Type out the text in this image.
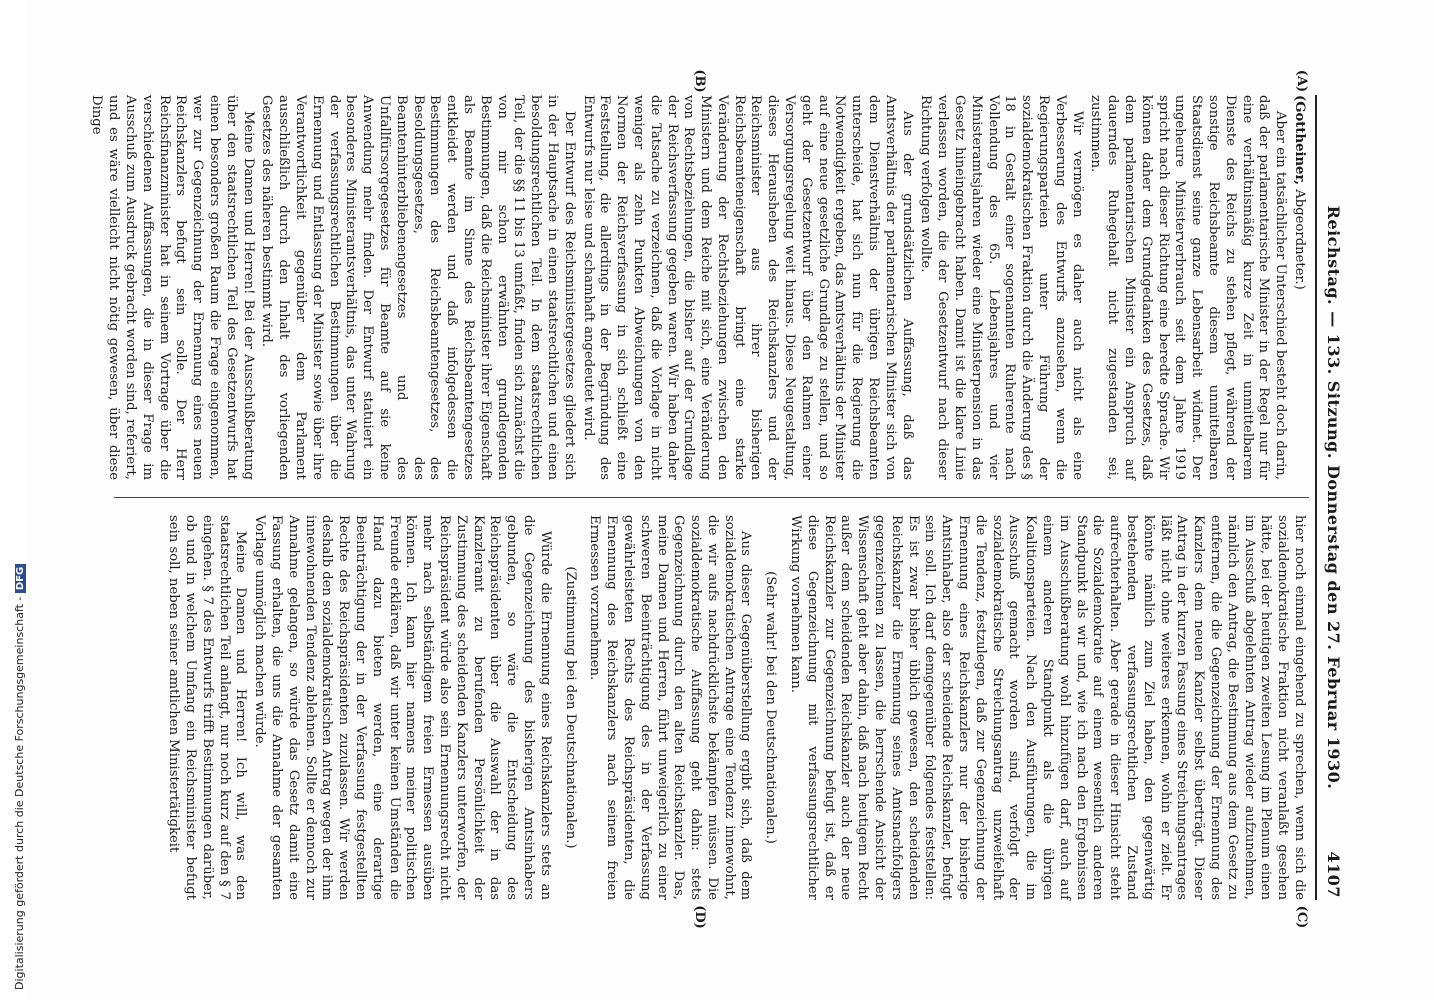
Digitalisierung gefördert durch die Deutsche Forschungsgemeinschaft - DFG	Reichstag. — 133. Sitzung. Donnerstag den 27. Februar 1930.
4107
(A)
(B)
(C)
(D)

(Gottheiner, Abgeordneter.)

Aber ein tatsächlicher Unterschied besteht doch darin, daß der parlamentarische Minister in der Regel nur für eine verhältnismäßig kurze Zeit in unmittelbarem Dienste des Reichs zu stehen pflegt, während der sonstige Reichsbeamte diesem unmittelbaren Staatsdienst seine ganze Lebensarbeit widmet. Der ungeheure Ministerverbrauch seit dem Jahre 1919 spricht nach dieser Richtung eine beredte Sprache. Wir können daher dem Grundgedanken des Gesetzes, daß dem parlamentarischen Minister ein Anspruch auf dauerndes Ruhegehalt nicht zugestanden sei, zustimmen.

Wir vermögen es daher auch nicht als eine Verbesserung des Entwurfs anzusehen, wenn die Regierungsparteien unter Führung der sozialdemokratischen Fraktion durch die Änderung des § 18 in Gestalt einer sogenannten Ruherente nach Vollendung des 65. Lebensjahres und vier Ministeramtsjahren wieder eine Ministerpension in das Gesetz hineingebracht haben. Damit ist die klare Linie verlassen worden, die der Gesetzentwurf nach dieser Richtung verfolgen wollte.

Aus der grundsätzlichen Auffassung, daß das Amtsverhältnis der parlamentarischen Minister sich von dem Dienstverhältnis der übrigen Reichsbeamten unterscheide, hat sich nun für die Regierung die Notwendigkeit ergeben, das Amtsverhältnis der Minister auf eine neue gesetzliche Grundlage zu stellen, und so geht der Gesetzentwurf über den Rahmen einer Versorgungsregelung weit hinaus. Diese Neugestaltung, dieses Herausheben des Reichskanzlers und der Reichsminister aus ihrer bisherigen Reichsbeamteneigenschaft bringt eine starke Veränderung der Rechtsbeziehungen zwischen den Ministern und dem Reiche mit sich, eine Veränderung von Rechtsbeziehungen, die bisher auf der Grundlage der Reichsverfassung gegeben waren. Wir haben daher die Tatsache zu verzeichnen, daß die Vorlage in nicht weniger als zehn Punkten Abweichungen von den Normen der Reichsverfassung in sich schließt eine Feststellung, die allerdings in der Begründung des Entwurfs nur leise und schamhaft angedeutet wird.

Der Entwurf des Reichsministergesetzes gliedert sich in der Hauptsache in einen staatsrechtlichen und einen besoldungsrechtlichen Teil. In dem staatsrechtlichen Teil, der die §§ 11 bis 13 umfaßt, finden sich zunächst die von mir schon erwähnten grundlegenden Bestimmungen, daß die Reichsminister ihrer Eigenschaft als Beamte im Sinne des Reichsbeamtengesetzes entkleidet werden und daß infolgedessen die Bestimmungen des Reichsbeamtengesetzes, des Besoldungsgesetzes, des Beamtenhinterbliebenengesetzes und des Unfallfürsorgegesetzes für Beamte auf sie keine Anwendung mehr finden. Der Entwurf statuiert ein besonderes Ministeramtsverhältnis, das unter Wahrung der verfassungsrechtlichen Bestimmungen über die Ernennung und Entlassung der Minister sowie über ihre Verantwortlichkeit gegenüber dem Parlament ausschließlich durch den Inhalt des vorliegenden Gesetzes des näheren bestimmt wird.

Meine Damen und Herren! Bei der Ausschußberatung über den staatsrechtlichen Teil des Gesetzentwurfs hat einen besonders großen Raum die Frage eingenommen, wer zur Gegenzeichnung der Ernennung eines neuen Reichskanzlers befugt sein solle. Der Herr Reichsfinanzminister hat in seinem Vortrage über die verschiedenen Auffassungen, die in dieser Frage im Ausschuß zum Ausdruck gebracht worden sind, referiert, und es wäre vielleicht nicht nötig gewesen, über diese Dinge

hier noch einmal eingehend zu sprechen, wenn sich die sozialdemokratische Fraktion nicht veranlaßt gesehen hätte, bei der heutigen zweiten Lesung im Plenum einen im Ausschuß abgelehnten Antrag wieder aufzunehmen, nämlich den Antrag, die Bestimmung aus dem Gesetz zu entfernen, die die Gegenzeichnung der Ernennung des Kanzlers dem neuen Kanzler selbst überträgt. Dieser Antrag in der kurzen Fassung eines Streichungsantrages läßt nicht ohne weiteres erkennen, wohin er zielt. Er könnte nämlich zum Ziel haben, den gegenwärtig bestehenden verfassungsrechtlichen Zustand aufrechterhalten. Aber gerade in dieser Hinsicht steht die Sozialdemokratie auf einem wesentlich anderen Standpunkt als wir und, wie ich nach den Ergebnissen im Ausschußberatung wohl hinzufügen darf, auch auf einem anderen Standpunkt als die übrigen Koalitionsparteien. Nach den Ausführungen, die im Ausschuß gemacht worden sind, verfolgt der sozialdemokratische Streichungsantrag unzweifelhaft die Tendenz, festzulegen, daß zur Gegenzeichnung der Ernennung eines Reichskanzlers nur der bisherige Amtsinhaber, also der scheidende Reichskanzler, befugt sein soll. Ich darf demgegenüber folgendes feststellen: Es ist zwar bisher üblich gewesen, den scheidenden Reichskanzler die Ernennung seines Amtsnachfolgers gegenzeichnen zu lassen, die herrschende Ansicht der Wissenschaft geht aber dahin, daß nach heutigem Recht außer dem scheidenden Reichskanzler auch der neue Reichskanzler zur Gegenzeichnung befugt ist, daß er diese Gegenzeichnung mit verfassungsrechtlicher Wirkung vornehmen kann.

(Sehr wahr! bei den Deutschnationalen.)

Aus dieser Gegenüberstellung ergibt sich, daß dem sozialdemokratischen Antrage eine Tendenz innewohnt, die wir aufs nachdrücklichste bekämpfen müssen. Die sozialdemokratische Auffassung geht dahin: stets Gegenzeichnung durch den alten Reichskanzler. Das, meine Damen und Herren, führt unweigerlich zu einer schweren Beeinträchtigung des in der Verfassung gewährleisteten Rechts des Reichspräsidenten, die Ernennung des Reichskanzlers nach seinem freien Ermessen vorzunehmen.

(Zustimmung bei den Deutschnationalen.)

Würde die Ernennung eines Reichskanzlers stets an die Gegenzeichnung des bisherigen Amtsinhabers gebunden, so wäre die Entscheidung des Reichspräsidenten über die Auswahl der in das Kanzleramt zu berufenden Persönlichkeit der Zustimmung des scheidenden Kanzlers unterworfen, der Reichspräsident würde also sein Ernennungsrecht nicht mehr nach selbständigem freien Ermessen ausüben können. Ich kann hier namens meiner politischen Freunde erklären, daß wir unter keinen Umständen die Hand dazu bieten werden, eine derartige Beeinträchtigung der in der Verfassung festgestellten Rechte des Reichspräsidenten zuzulassen. Wir werden deshalb den sozialdemokratischen Antrag wegen der ihm innewohnenden Tendenz ablehnen. Sollte er dennoch zur Annahme gelangen, so würde das Gesetz damit eine Fassung erhalten, die uns die Annahme der gesamten Vorlage unmöglich machen würde.

Meine Damen und Herren! Ich will, was den staatsrechtlichen Teil anlangt, nur noch kurz auf den § 7 eingehen. § 7 des Entwurfs trifft Bestimmungen darüber, ob und in welchem Umfang ein Reichsminister befugt sein soll, neben seiner amtlichen Ministertätigkeit
